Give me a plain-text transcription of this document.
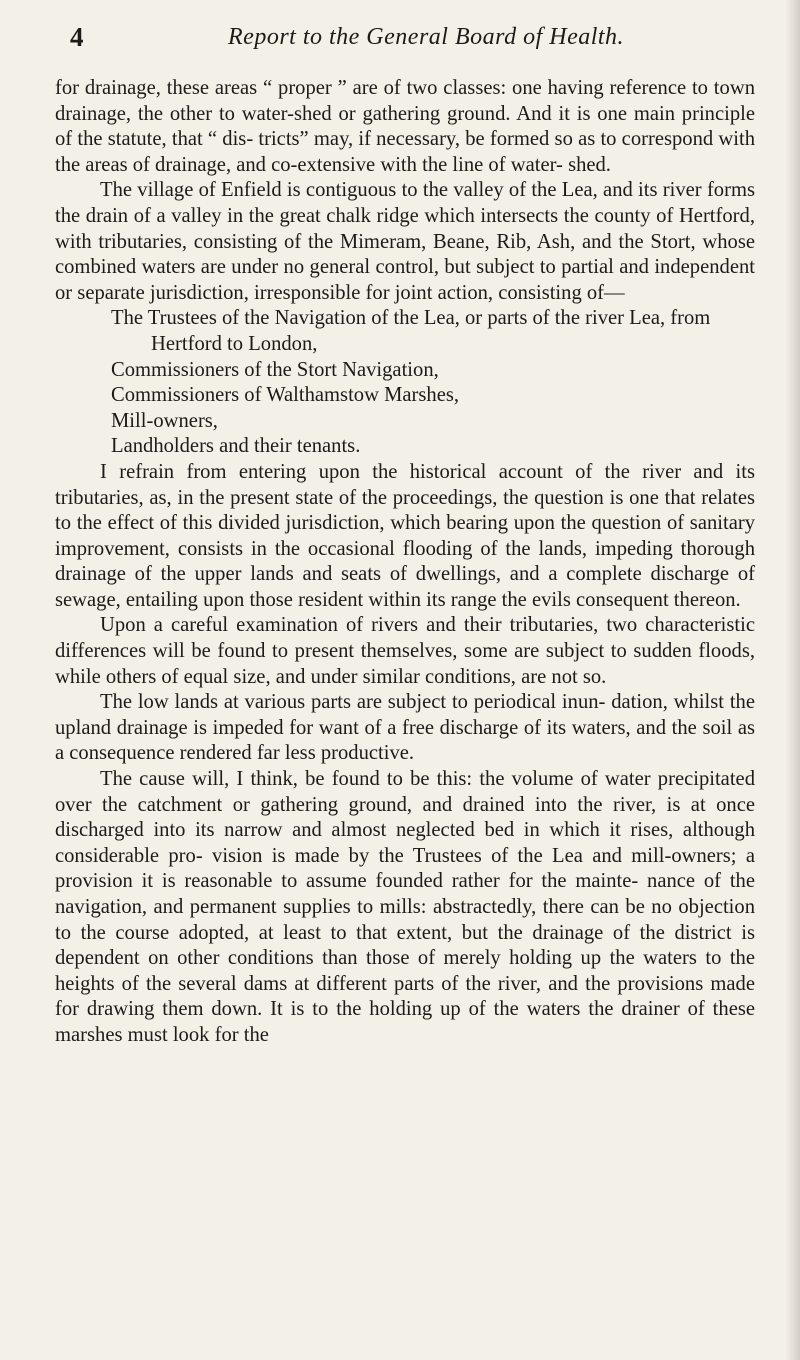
4	Report to the General Board of Health.

for drainage, these areas “ proper ” are of two classes: one having reference to town drainage, the other to water-shed or gathering ground. And it is one main principle of the statute, that “ dis- tricts” may, if necessary, be formed so as to correspond with the areas of drainage, and co-extensive with the line of water- shed.

The village of Enfield is contiguous to the valley of the Lea, and its river forms the drain of a valley in the great chalk ridge which intersects the county of Hertford, with tributaries, consisting of the Mimeram, Beane, Rib, Ash, and the Stort, whose combined waters are under no general control, but subject to partial and independent or separate jurisdiction, irresponsible for joint action, consisting of—

The Trustees of the Navigation of the Lea, or parts of the river Lea, from Hertford to London,
Commissioners of the Stort Navigation,
Commissioners of Walthamstow Marshes,
Mill-owners,
Landholders and their tenants.

I refrain from entering upon the historical account of the river and its tributaries, as, in the present state of the proceedings, the question is one that relates to the effect of this divided jurisdiction, which bearing upon the question of sanitary improvement, consists in the occasional flooding of the lands, impeding thorough drainage of the upper lands and seats of dwellings, and a complete discharge of sewage, entailing upon those resident within its range the evils consequent thereon.

Upon a careful examination of rivers and their tributaries, two characteristic differences will be found to present themselves, some are subject to sudden floods, while others of equal size, and under similar conditions, are not so.

The low lands at various parts are subject to periodical inun- dation, whilst the upland drainage is impeded for want of a free discharge of its waters, and the soil as a consequence rendered far less productive.

The cause will, I think, be found to be this: the volume of water precipitated over the catchment or gathering ground, and drained into the river, is at once discharged into its narrow and almost neglected bed in which it rises, although considerable pro- vision is made by the Trustees of the Lea and mill-owners; a provision it is reasonable to assume founded rather for the mainte- nance of the navigation, and permanent supplies to mills: abstractedly, there can be no objection to the course adopted, at least to that extent, but the drainage of the district is dependent on other conditions than those of merely holding up the waters to the heights of the several dams at different parts of the river, and the provisions made for drawing them down. It is to the holding up of the waters the drainer of these marshes must look for the
